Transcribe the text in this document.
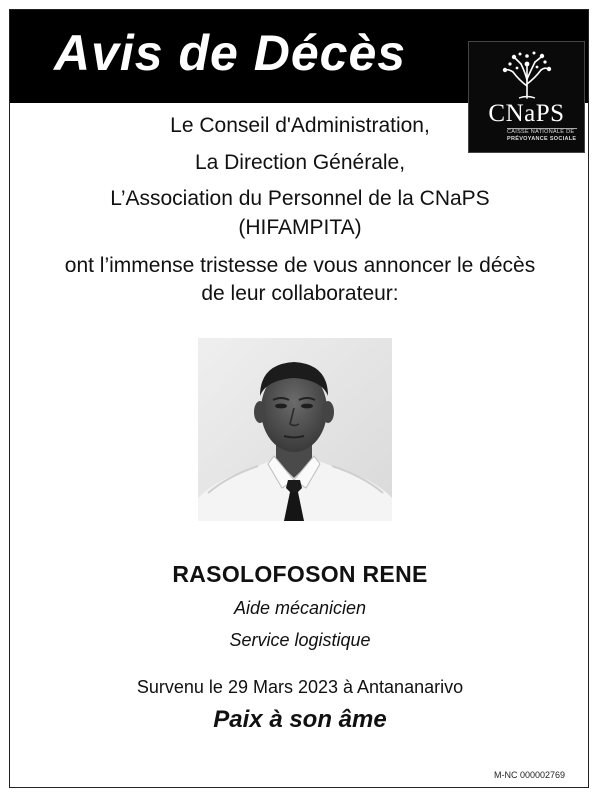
Avis de Décès
CNaPS
CAISSE NATIONALE DE
PRÉVOYANCE SOCIALE
Le Conseil d'Administration,
La Direction Générale,
L’Association du Personnel de la CNaPS
(HIFAMPITA)
ont l’immense tristesse de vous annoncer le décès
de leur collaborateur:
RASOLOFOSON RENE
Aide mécanicien
Service logistique
Survenu le 29 Mars 2023 à Antananarivo
Paix à son âme
M-NC 000002769
